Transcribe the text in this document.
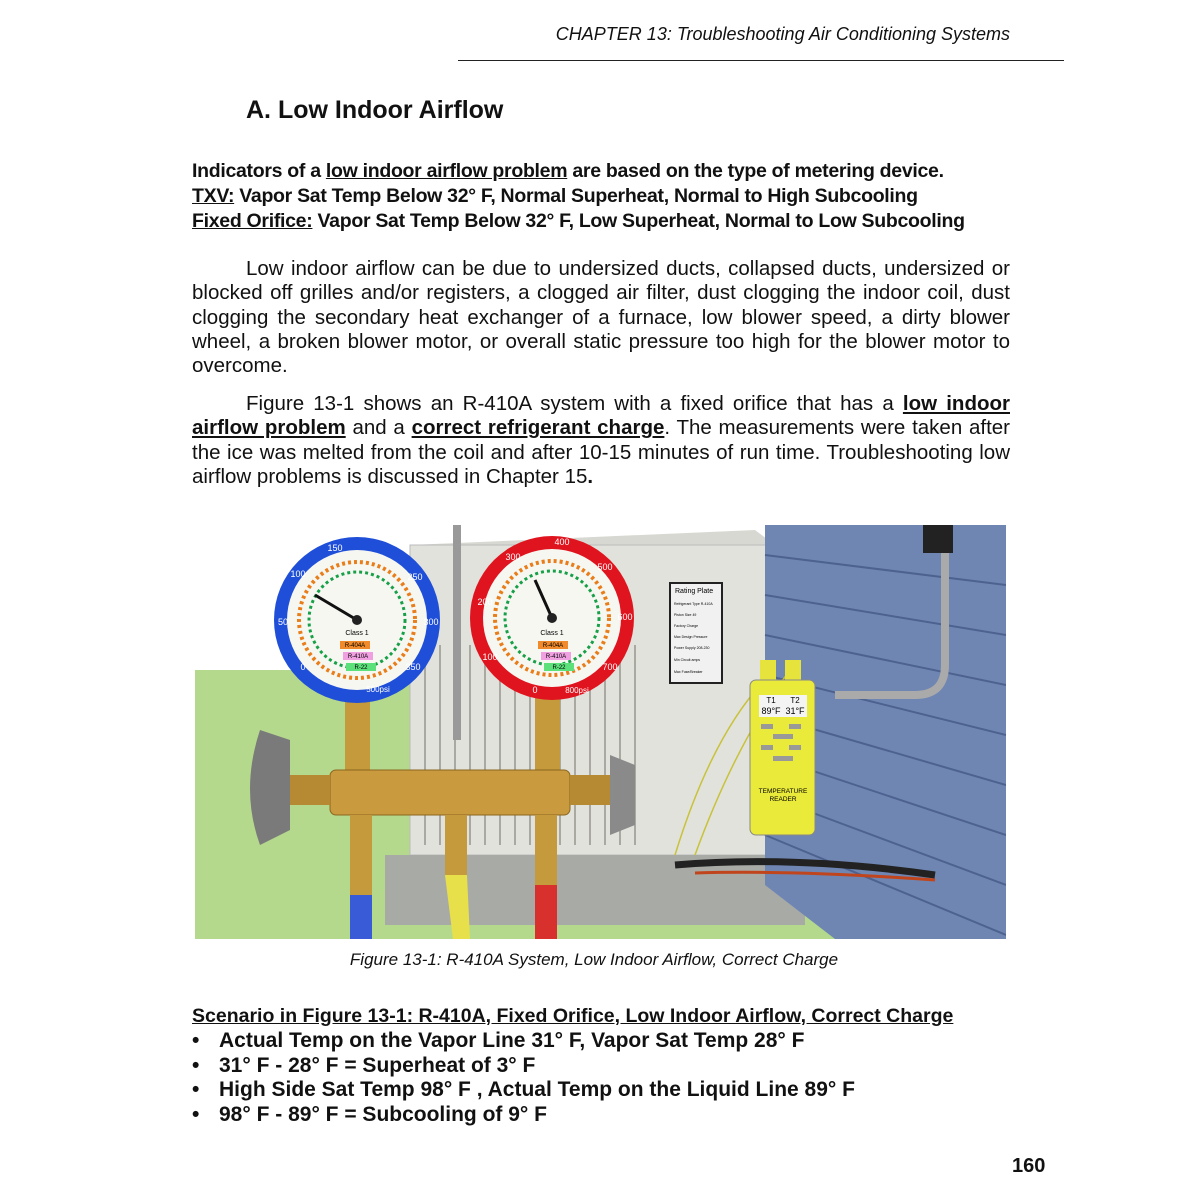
CHAPTER 13: Troubleshooting Air Conditioning Systems
A. Low Indoor Airflow
Indicators of a low indoor airflow problem are based on the type of metering device.
TXV: Vapor Sat Temp Below 32° F, Normal Superheat, Normal to High Subcooling
Fixed Orifice: Vapor Sat Temp Below 32° F, Low Superheat, Normal to Low Subcooling
Low indoor airflow can be due to undersized ducts, collapsed ducts, undersized or blocked off grilles and/or registers, a clogged air filter, dust clogging the indoor coil, dust clogging the secondary heat exchanger of a furnace, low blower speed, a dirty blower wheel, a broken blower motor, or overall static pressure too high for the blower motor to overcome.
Figure 13-1 shows an R-410A system with a fixed orifice that has a low indoor airflow problem and a correct refrigerant charge. The measurements were taken after the ice was melted from the coil and after 10-15 minutes of run time. Troubleshooting low airflow problems is discussed in Chapter 15.
Rating Plate
Refrigerant Type R-410A
Piston Size 49
Factory Charge
Max Design Pressure
Power Supply 208-230
Min Circuit amps
Max Fuse/Breaker
T1 T2
89°F 31°F
TEMPERATURE
READER
Class 1
R-404A
R-410A
R-22
500psi
0
50
100
150
250
300
350
Class 1
R-404A
R-410A
R-22
800psi
0
100
200
300
400
500
600
700
Figure 13-1: R-410A System, Low Indoor Airflow, Correct Charge
Scenario in Figure 13-1: R-410A, Fixed Orifice, Low Indoor Airflow, Correct Charge
• Actual Temp on the Vapor Line 31° F, Vapor Sat Temp 28° F
• 31° F - 28° F = Superheat of 3° F
• High Side Sat Temp 98° F , Actual Temp on the Liquid Line 89° F
• 98° F - 89° F = Subcooling of 9° F
160
